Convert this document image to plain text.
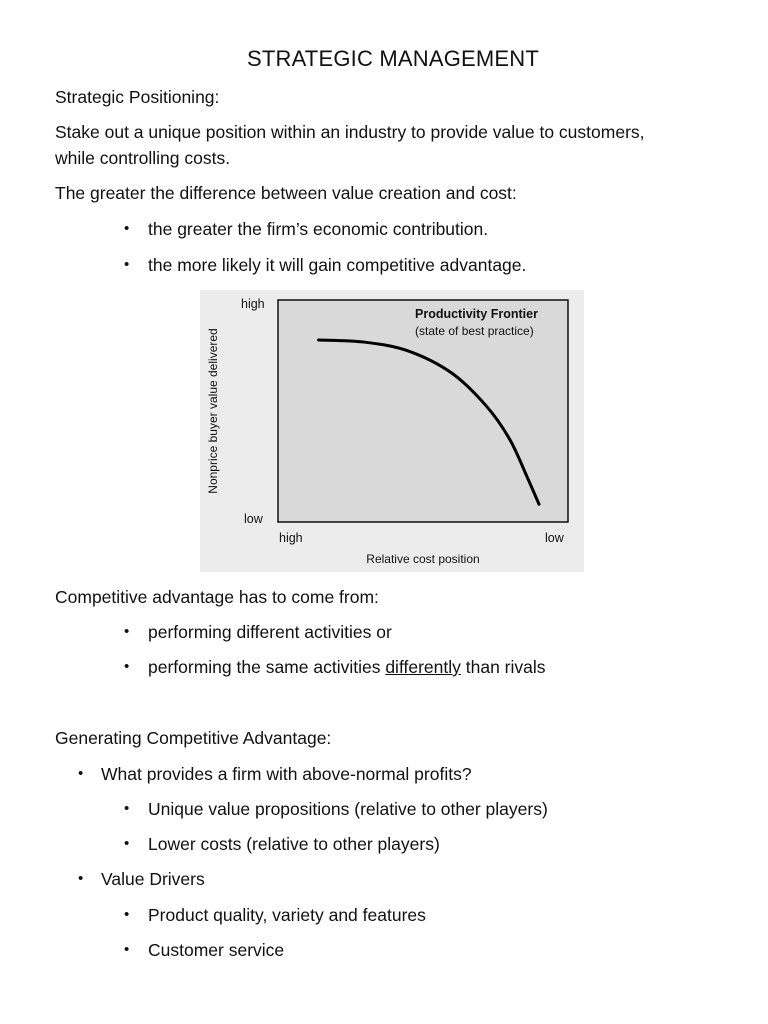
STRATEGIC MANAGEMENT
Strategic Positioning:
Stake out a unique position within an industry to provide value to customers,
while controlling costs.
The greater the difference between value creation and cost:
• the greater the firm’s economic contribution.
• the more likely it will gain competitive advantage.
high
low
high	low
Relative cost position
Nonprice buyer value delivered
Productivity Frontier
(state of best practice)
Competitive advantage has to come from:
• performing different activities or
• performing the same activities differently than rivals
Generating Competitive Advantage:
• What provides a firm with above-normal profits?
• Unique value propositions (relative to other players)
• Lower costs (relative to other players)
• Value Drivers
• Product quality, variety and features
• Customer service
